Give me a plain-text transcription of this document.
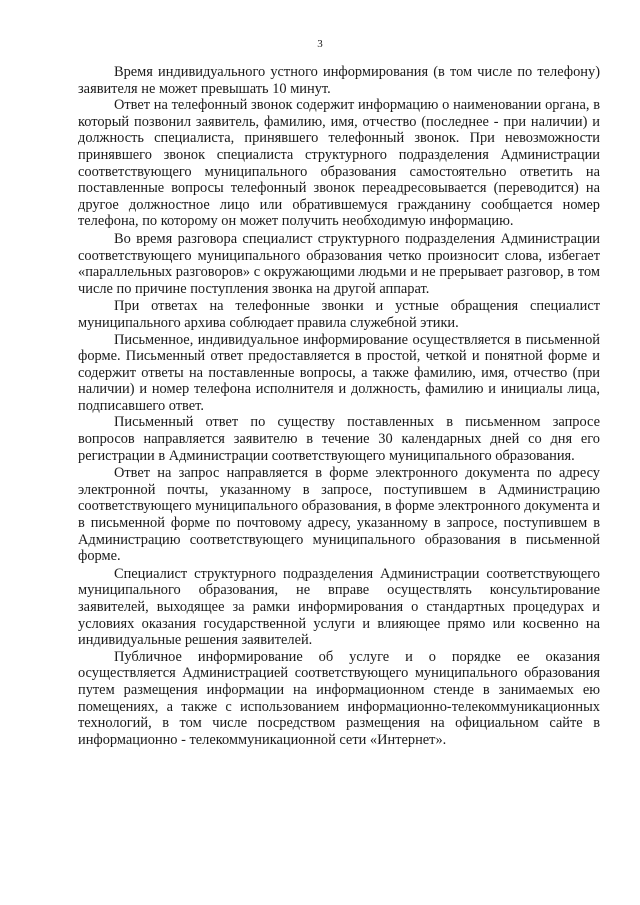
3

Время индивидуального устного информирования (в том числе по телефону) заявителя не может превышать 10 минут.

Ответ на телефонный звонок содержит информацию о наименовании органа, в который позвонил заявитель, фамилию, имя, отчество (последнее - при наличии) и должность специалиста, принявшего телефонный звонок. При невозможности принявшего звонок специалиста структурного подразделения Администрации соответствующего муниципального образования самостоятельно ответить на поставленные вопросы телефонный звонок переадресовывается (переводится) на другое должностное лицо или обратившемуся гражданину сообщается номер телефона, по которому он может получить необходимую информацию.

Во время разговора специалист структурного подразделения Администрации соответствующего муниципального образования четко произносит слова, избегает «параллельных разговоров» с окружающими людьми и не прерывает разговор, в том числе по причине поступления звонка на другой аппарат.

При ответах на телефонные звонки и устные обращения специалист муниципального архива соблюдает правила служебной этики.

Письменное, индивидуальное информирование осуществляется в письменной форме. Письменный ответ предоставляется в простой, четкой и понятной форме и содержит ответы на поставленные вопросы, а также фамилию, имя, отчество (при наличии) и номер телефона исполнителя и должность, фамилию и инициалы лица, подписавшего ответ.

Письменный ответ по существу поставленных в письменном запросе вопросов направляется заявителю в течение 30 календарных дней со дня его регистрации в Администрации соответствующего муниципального образования.

Ответ на запрос направляется в форме электронного документа по адресу электронной почты, указанному в запросе, поступившем в Администрацию соответствующего муниципального образования, в форме электронного документа и в письменной форме по почтовому адресу, указанному в запросе, поступившем в Администрацию соответствующего муниципального образования в письменной форме.

Специалист структурного подразделения Администрации соответствующего муниципального образования, не вправе осуществлять консультирование заявителей, выходящее за рамки информирования о стандартных процедурах и условиях оказания государственной услуги и влияющее прямо или косвенно на индивидуальные решения заявителей.

Публичное информирование об услуге и о порядке ее оказания осуществляется Администрацией соответствующего муниципального образования путем размещения информации на информационном стенде в занимаемых ею помещениях, а также с использованием информационно-телекоммуникационных технологий, в том числе посредством размещения на официальном сайте в информационно - телекоммуникационной сети «Интернет».
